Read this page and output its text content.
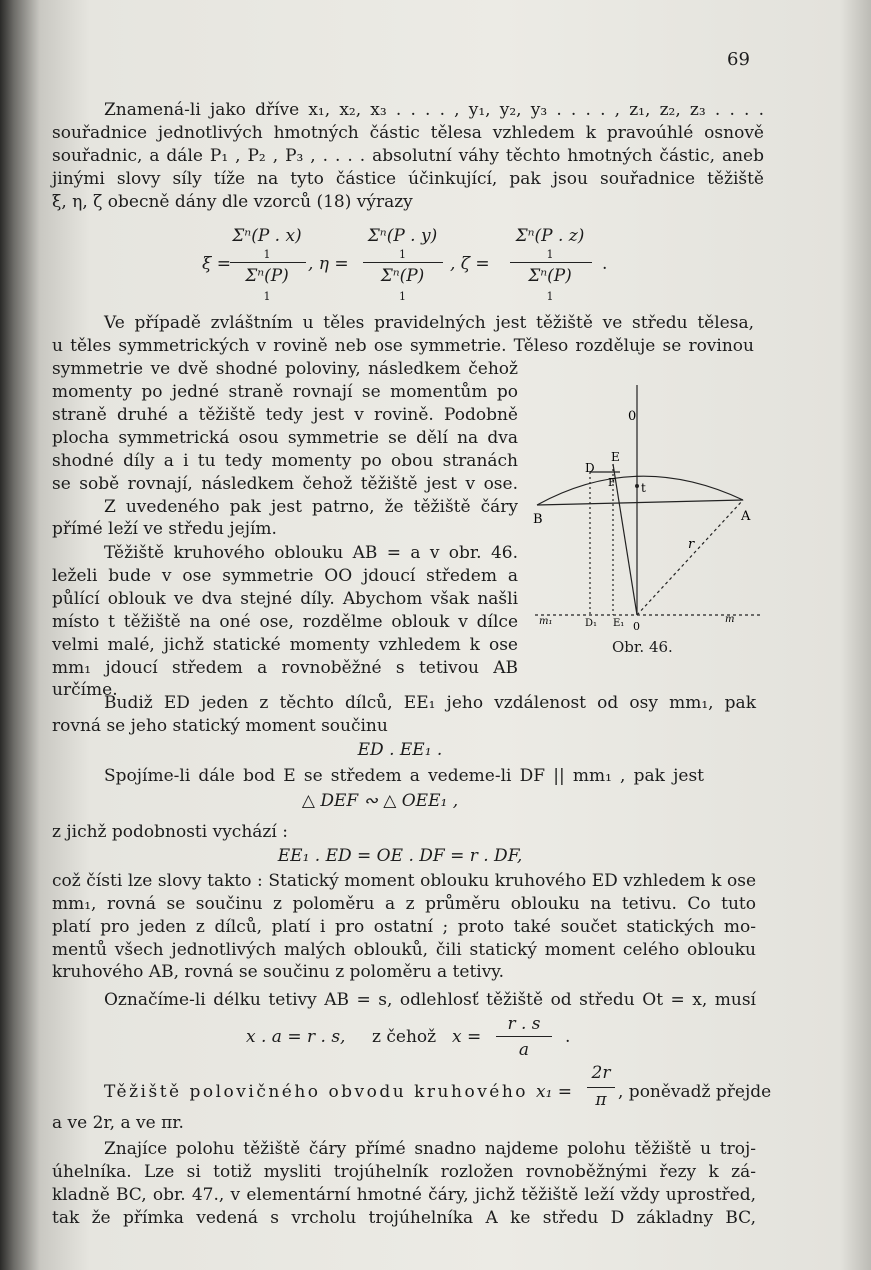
69
Znamená-li jako dříve x₁, x₂, x₃ . . . . , y₁, y₂, y₃ . . . . , z₁, z₂, z₃ . . . .
souřadnice jednotlivých hmotných částic tělesa vzhledem k pravoúhlé osnově
souřadnic, a dále P₁ , P₂ , P₃ , . . . . absolutní váhy těchto hmotných částic, aneb
jinými slovy síly tíže na tyto částice účinkující, pak jsou souřadnice těžiště
ξ, η, ζ obecně dány dle vzorců (18) výrazy
ξ =
Σⁿ(P . x)
1
Σⁿ(P)
1
, η =
Σⁿ(P . y)
1
Σⁿ(P)
1
, ζ =
Σⁿ(P . z)
1
Σⁿ(P)
1
.
Ve případě zvláštním u těles pravidelných jest těžiště ve středu tělesa,
u těles symmetrických v rovině neb ose symmetrie. Těleso rozděluje se rovinou
symmetrie ve dvě shodné poloviny, následkem čehož
momenty po jedné straně rovnají se momentům po
straně druhé a těžiště tedy jest v rovině. Podobně
plocha symmetrická osou symmetrie se dělí na dva
shodné díly a i tu tedy momenty po obou stranách
se sobě rovnají, následkem čehož těžiště jest v ose.
Z uvedeného pak jest patrno, že těžiště čáry
přímé leží ve středu jejím.
Těžiště kruhového oblouku AB = a v obr. 46.
leželi bude v ose symmetrie OO jdoucí středem a
půlící oblouk ve dva stejné díly. Abychom však našli
místo t těžiště na oné ose, rozdělme oblouk v dílce
velmi malé, jichž statické momenty vzhledem k ose
mm₁ jdoucí středem a rovnoběžné s tetivou AB
určíme.
0
D
E
F t
A
B
r
m₁	D₁ E₁ 0
m
Obr. 46.
Budiž ED jeden z těchto dílců, EE₁ jeho vzdálenost od osy mm₁, pak
rovná se jeho statický moment součinu
ED . EE₁ .
Spojíme-li dále bod E se středem a vedeme-li DF || mm₁ , pak jest
△ DEF ∾ △ OEE₁ ,
z jichž podobnosti vychází :
EE₁ . ED = OE . DF = r . DF,
což čísti lze slovy takto : Statický moment oblouku kruhového ED vzhledem k ose
mm₁, rovná se součinu z poloměru a z průměru oblouku na tetivu. Co tuto
platí pro jeden z dílců, platí i pro ostatní ; proto také součet statických mo-
mentů všech jednotlivých malých oblouků, čili statický moment celého oblouku
kruhového AB, rovná se součinu z poloměru a tetivy.
Označíme-li délku tetivy AB = s, odlehlosť těžiště od středu Ot = x, musí
x . a = r . s, z čehož x =
r . s
a
.
Těžiště polovičného obvodu kruhového x₁ =
2r
π , poněvadž přejde
a ve 2r, a ve πr.
Znajíce polohu těžiště čáry přímé snadno najdeme polohu těžiště u troj-
úhelníka. Lze si totiž mysliti trojúhelník rozložen rovnoběžnými řezy k zá-
kladně BC, obr. 47., v elementární hmotné čáry, jichž těžiště leží vždy uprostřed,
tak že přímka vedená s vrcholu trojúhelníka A ke středu D základny BC,
